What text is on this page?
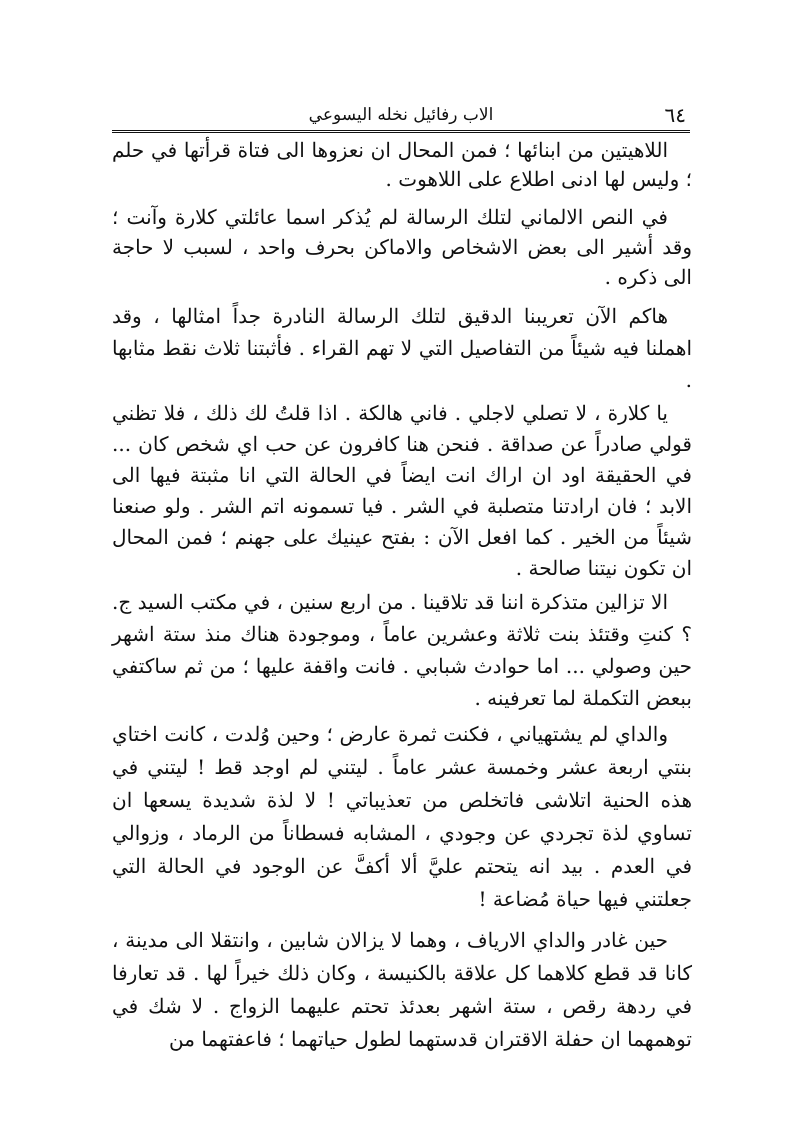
٦٤
الاب رفائيل نخله اليسوعي

اللاهيتين من ابنائها ؛ فمن المحال ان نعزوها الى فتاة قرأتها في حلم ؛ وليس لها ادنى اطلاع على اللاهوت .

في النص الالماني لتلك الرسالة لم يُذكر اسما عائلتي كلارة وآنت ؛ وقد أشير الى بعض الاشخاص والاماكن بحرف واحد ، لسبب لا حاجة الى ذكره .

هاكم الآن تعريبنا الدقيق لتلك الرسالة النادرة جداً امثالها ، وقد اهملنا فيه شيئاً من التفاصيل التي لا تهم القراء . فأثبتنا ثلاث نقط مثابها .

يا كلارة ، لا تصلي لاجلي . فاني هالكة . اذا قلتُ لك ذلك ، فلا تظني قولي صادراً عن صداقة . فنحن هنا كافرون عن حب اي شخص كان ... في الحقيقة اود ان اراك انت ايضاً في الحالة التي انا مثبتة فيها الى الابد ؛ فان ارادتنا متصلبة في الشر . فيا تسمونه اتم الشر . ولو صنعنا شيئاً من الخير . كما افعل الآن : بفتح عينيك على جهنم ؛ فمن المحال ان تكون نيتنا صالحة .

الا تزالين متذكرة اننا قد تلاقينا . من اربع سنين ، في مكتب السيد ج. ؟ كنتِ وقتئذ بنت ثلاثة وعشرين عاماً ، وموجودة هناك منذ ستة اشهر حين وصولي ... اما حوادث شبابي . فانت واقفة عليها ؛ من ثم ساكتفي ببعض التكملة لما تعرفينه .

والداي لم يشتهياني ، فكنت ثمرة عارض ؛ وحين وُلدت ، كانت اختاي بنتي اربعة عشر وخمسة عشر عاماً . ليتني لم اوجد قط ! ليتني في هذه الحنية اتلاشى فاتخلص من تعذيباتي ! لا لذة شديدة يسعها ان تساوي لذة تجردي عن وجودي ، المشابه فسطاناً من الرماد ، وزوالي في العدم . بيد انه يتحتم عليَّ ألا أكفَّ عن الوجود في الحالة التي جعلتني فيها حياة مُضاعة !

حين غادر والداي الارياف ، وهما لا يزالان شابين ، وانتقلا الى مدينة ، كانا قد قطع كلاهما كل علاقة بالكنيسة ، وكان ذلك خيراً لها . قد تعارفا في ردهة رقص ، ستة اشهر بعدئذ تحتم عليهما الزواج . لا شك في توهمهما ان حفلة الاقتران قدستهما لطول حياتهما ؛ فاعفتهما من
